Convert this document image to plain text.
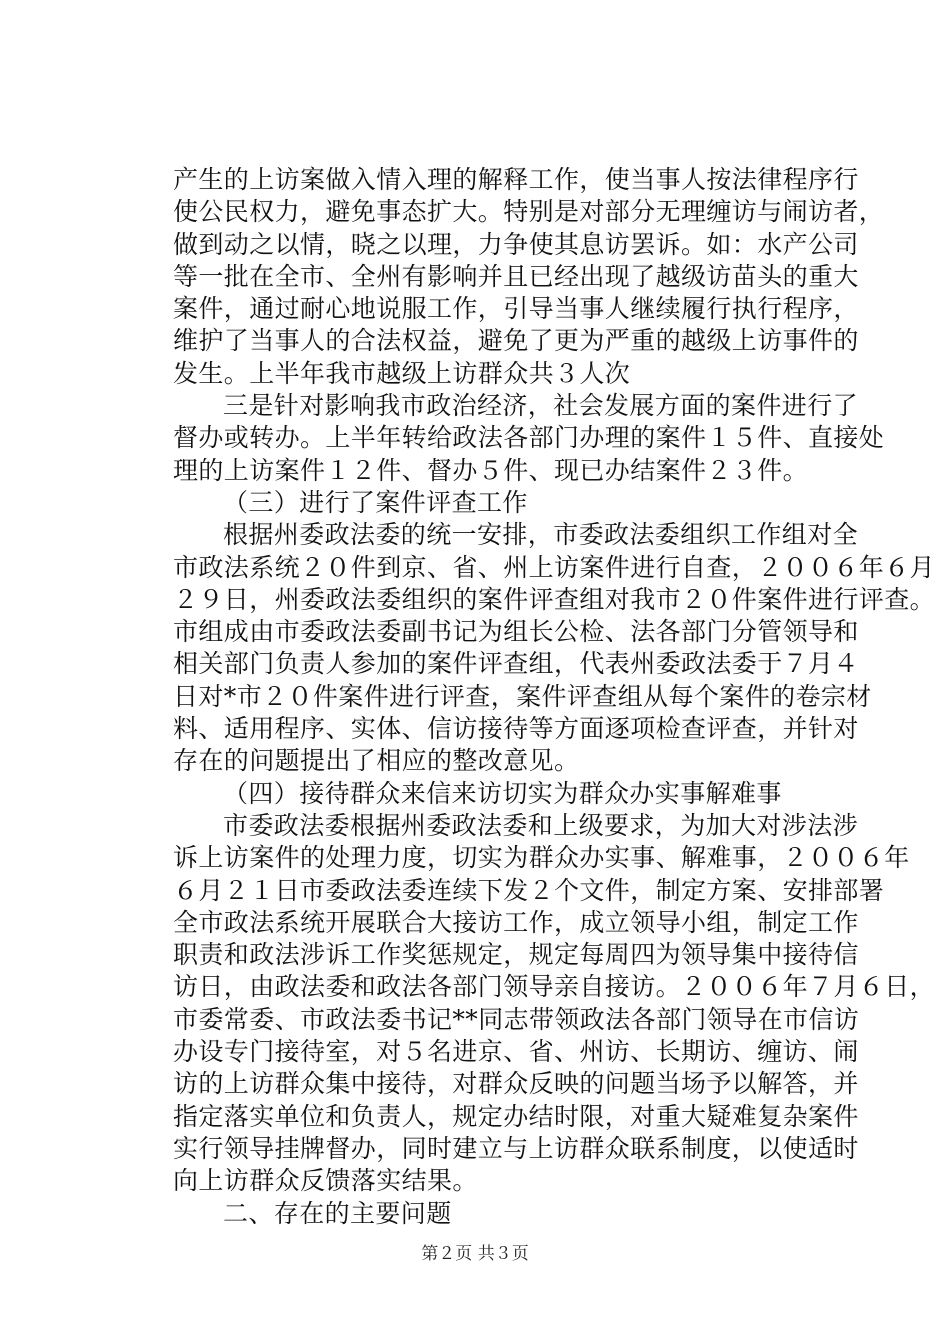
产生的上访案做入情入理的解释工作，使当事人按法律程序行
使公民权力，避免事态扩大。特别是对部分无理缠访与闹访者，
做到动之以情，晓之以理，力争使其息访罢诉。如：水产公司
等一批在全市、全州有影响并且已经出现了越级访苗头的重大
案件，通过耐心地说服工作，引导当事人继续履行执行程序，
维护了当事人的合法权益，避免了更为严重的越级上访事件的
发生。上半年我市越级上访群众共３人次
三是针对影响我市政治经济，社会发展方面的案件进行了
督办或转办。上半年转给政法各部门办理的案件１５件、直接处
理的上访案件１２件、督办５件、现已办结案件２３件。
（三）进行了案件评查工作
根据州委政法委的统一安排，市委政法委组织工作组对全
市政法系统２０件到京、省、州上访案件进行自查，２００６年６月
２９日，州委政法委组织的案件评查组对我市２０件案件进行评查。
市组成由市委政法委副书记为组长公检、法各部门分管领导和
相关部门负责人参加的案件评查组，代表州委政法委于７月４
日对*市２０件案件进行评查，案件评查组从每个案件的卷宗材
料、适用程序、实体、信访接待等方面逐项检查评查，并针对
存在的问题提出了相应的整改意见。
（四）接待群众来信来访切实为群众办实事解难事
市委政法委根据州委政法委和上级要求，为加大对涉法涉
诉上访案件的处理力度，切实为群众办实事、解难事，２００６年
６月２１日市委政法委连续下发２个文件，制定方案、安排部署
全市政法系统开展联合大接访工作，成立领导小组，制定工作
职责和政法涉诉工作奖惩规定，规定每周四为领导集中接待信
访日，由政法委和政法各部门领导亲自接访。２００６年７月６日，
市委常委、市政法委书记**同志带领政法各部门领导在市信访
办设专门接待室，对５名进京、省、州访、长期访、缠访、闹
访的上访群众集中接待，对群众反映的问题当场予以解答，并
指定落实单位和负责人，规定办结时限，对重大疑难复杂案件
实行领导挂牌督办，同时建立与上访群众联系制度，以使适时
向上访群众反馈落实结果。
二、存在的主要问题
第２页 共３页
